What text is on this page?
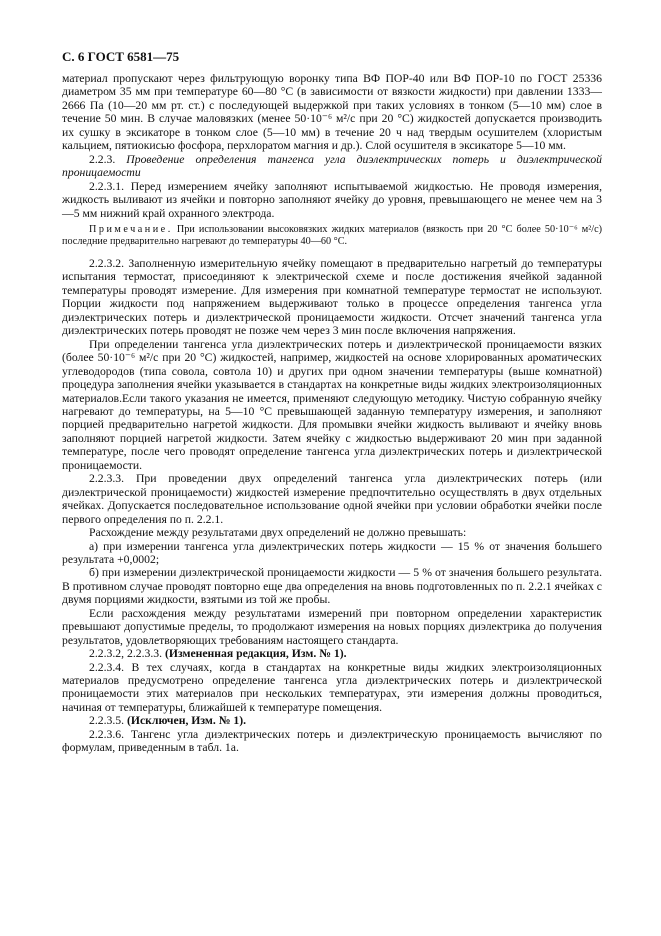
С. 6 ГОСТ 6581—75

материал пропускают через фильтрующую воронку типа ВФ ПОР-40 или ВФ ПОР-10 по ГОСТ 25336 диаметром 35 мм при температуре 60—80 °С (в зависимости от вязкости жидкости) при давлении 1333—2666 Па (10—20 мм рт. ст.) с последующей выдержкой при таких условиях в тонком (5—10 мм) слое в течение 50 мин. В случае маловязких (менее 50·10⁻⁶ м²/с при 20 °С) жидкостей допускается производить их сушку в эксикаторе в тонком слое (5—10 мм) в течение 20 ч над твердым осушителем (хлористым кальцием, пятиокисью фосфора, перхлоратом магния и др.). Слой осушителя в эксикаторе 5—10 мм.

2.2.3. Проведение определения тангенса угла диэлектрических потерь и диэлектрической проницаемости

2.2.3.1. Перед измерением ячейку заполняют испытываемой жидкостью. Не проводя измерения, жидкость выливают из ячейки и повторно заполняют ячейку до уровня, превышающего не менее чем на 3—5 мм нижний край охранного электрода.

Примечание. При использовании высоковязких жидких материалов (вязкость при 20 °С более 50·10⁻⁶ м²/с) последние предварительно нагревают до температуры 40—60 °С.

2.2.3.2. Заполненную измерительную ячейку помещают в предварительно нагретый до температуры испытания термостат, присоединяют к электрической схеме и после достижения ячейкой заданной температуры проводят измерение. Для измерения при комнатной температуре термостат не используют. Порции жидкости под напряжением выдерживают только в процессе определения тангенса угла диэлектрических потерь и диэлектрической проницаемости жидкости. Отсчет значений тангенса угла диэлектрических потерь проводят не позже чем через 3 мин после включения напряжения.

При определении тангенса угла диэлектрических потерь и диэлектрической проницаемости вязких (более 50·10⁻⁶ м²/с при 20 °С) жидкостей, например, жидкостей на основе хлорированных ароматических углеводородов (типа совола, совтола 10) и других при одном значении температуры (выше комнатной) процедура заполнения ячейки указывается в стандартах на конкретные виды жидких электроизоляционных материалов.Если такого указания не имеется, применяют следующую методику. Чистую собранную ячейку нагревают до температуры, на 5—10 °С превышающей заданную температуру измерения, и заполняют порцией предварительно нагретой жидкости. Для промывки ячейки жидкость выливают и ячейку вновь заполняют порцией нагретой жидкости. Затем ячейку с жидкостью выдерживают 20 мин при заданной температуре, после чего проводят определение тангенса угла диэлектрических потерь и диэлектрической проницаемости.

2.2.3.3. При проведении двух определений тангенса угла диэлектрических потерь (или диэлектрической проницаемости) жидкостей измерение предпочтительно осуществлять в двух отдельных ячейках. Допускается последовательное использование одной ячейки при условии обработки ячейки после первого определения по п. 2.2.1.

Расхождение между результатами двух определений не должно превышать:

а) при измерении тангенса угла диэлектрических потерь жидкости — 15 % от значения большего результата +0,0002;

б) при измерении диэлектрической проницаемости жидкости — 5 % от значения большего результата. В противном случае проводят повторно еще два определения на вновь подготовленных по п. 2.2.1 ячейках с двумя порциями жидкости, взятыми из той же пробы.

Если расхождения между результатами измерений при повторном определении характеристик превышают допустимые пределы, то продолжают измерения на новых порциях диэлектрика до получения результатов, удовлетворяющих требованиям настоящего стандарта.

2.2.3.2, 2.2.3.3. (Измененная редакция, Изм. № 1).

2.2.3.4. В тех случаях, когда в стандартах на конкретные виды жидких электроизоляционных материалов предусмотрено определение тангенса угла диэлектрических потерь и диэлектрической проницаемости этих материалов при нескольких температурах, эти измерения должны проводиться, начиная от температуры, ближайшей к температуре помещения.

2.2.3.5. (Исключен, Изм. № 1).

2.2.3.6. Тангенс угла диэлектрических потерь и диэлектрическую проницаемость вычисляют по формулам, приведенным в табл. 1а.
